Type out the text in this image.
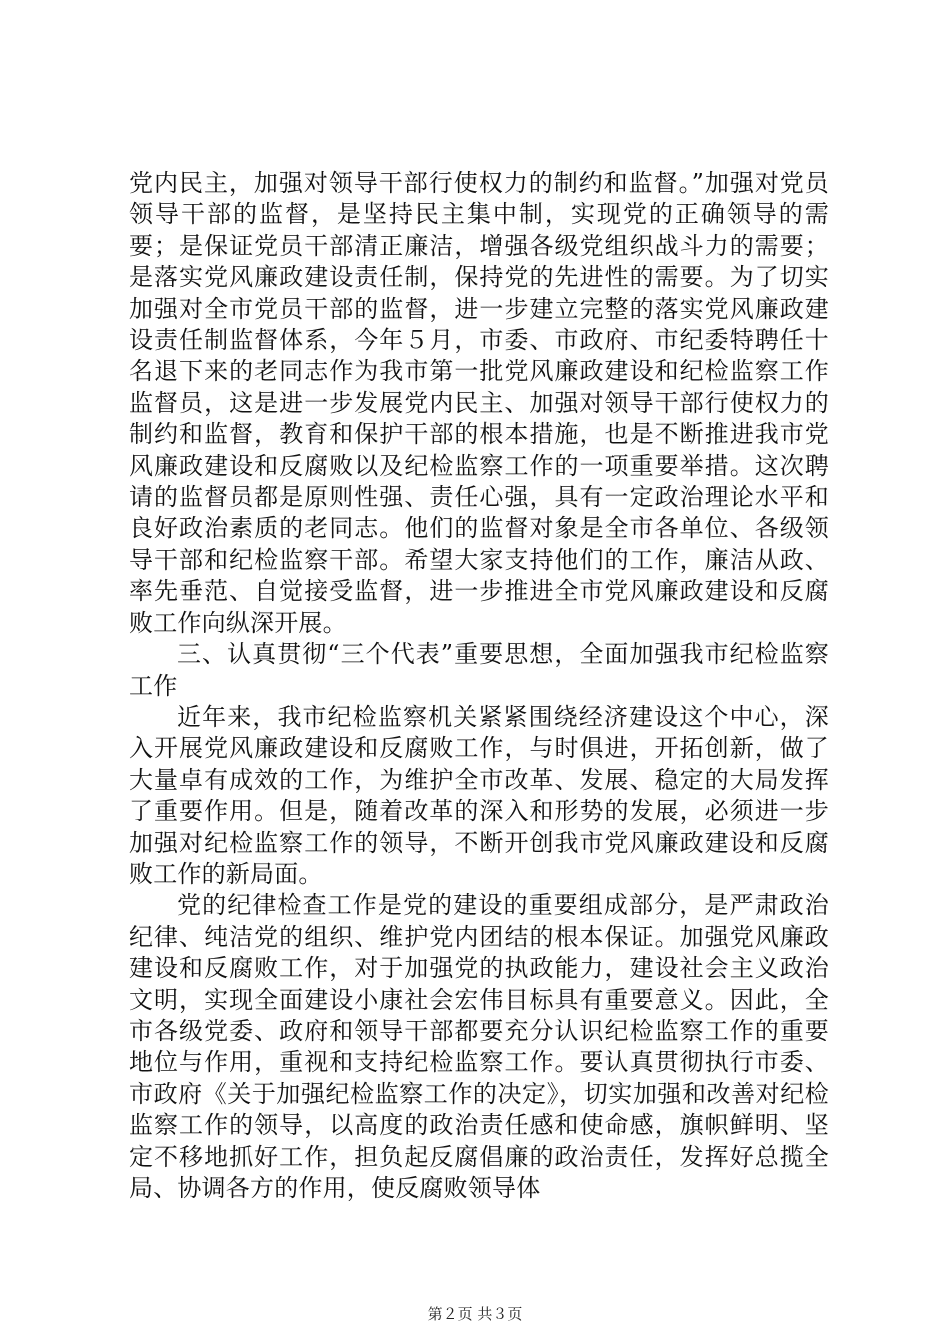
党内民主，加强对领导干部行使权力的制约和监督。”加强对党员领导干部的监督，是坚持民主集中制，实现党的正确领导的需要；是保证党员干部清正廉洁，增强各级党组织战斗力的需要；是落实党风廉政建设责任制，保持党的先进性的需要。为了切实加强对全市党员干部的监督，进一步建立完整的落实党风廉政建设责任制监督体系，今年５月，市委、市政府、市纪委特聘任十名退下来的老同志作为我市第一批党风廉政建设和纪检监察工作监督员，这是进一步发展党内民主、加强对领导干部行使权力的制约和监督，教育和保护干部的根本措施，也是不断推进我市党风廉政建设和反腐败以及纪检监察工作的一项重要举措。这次聘请的监督员都是原则性强、责任心强，具有一定政治理论水平和良好政治素质的老同志。他们的监督对象是全市各单位、各级领导干部和纪检监察干部。希望大家支持他们的工作，廉洁从政、率先垂范、自觉接受监督，进一步推进全市党风廉政建设和反腐败工作向纵深开展。

三、认真贯彻“三个代表”重要思想，全面加强我市纪检监察工作

近年来，我市纪检监察机关紧紧围绕经济建设这个中心，深入开展党风廉政建设和反腐败工作，与时俱进，开拓创新，做了大量卓有成效的工作，为维护全市改革、发展、稳定的大局发挥了重要作用。但是，随着改革的深入和形势的发展，必须进一步加强对纪检监察工作的领导，不断开创我市党风廉政建设和反腐败工作的新局面。

党的纪律检查工作是党的建设的重要组成部分，是严肃政治纪律、纯洁党的组织、维护党内团结的根本保证。加强党风廉政建设和反腐败工作，对于加强党的执政能力，建设社会主义政治文明，实现全面建设小康社会宏伟目标具有重要意义。因此，全市各级党委、政府和领导干部都要充分认识纪检监察工作的重要地位与作用，重视和支持纪检监察工作。要认真贯彻执行市委、市政府《关于加强纪检监察工作的决定》，切实加强和改善对纪检监察工作的领导，以高度的政治责任感和使命感，旗帜鲜明、坚定不移地抓好工作，担负起反腐倡廉的政治责任，发挥好总揽全局、协调各方的作用，使反腐败领导体

第２页 共３页
